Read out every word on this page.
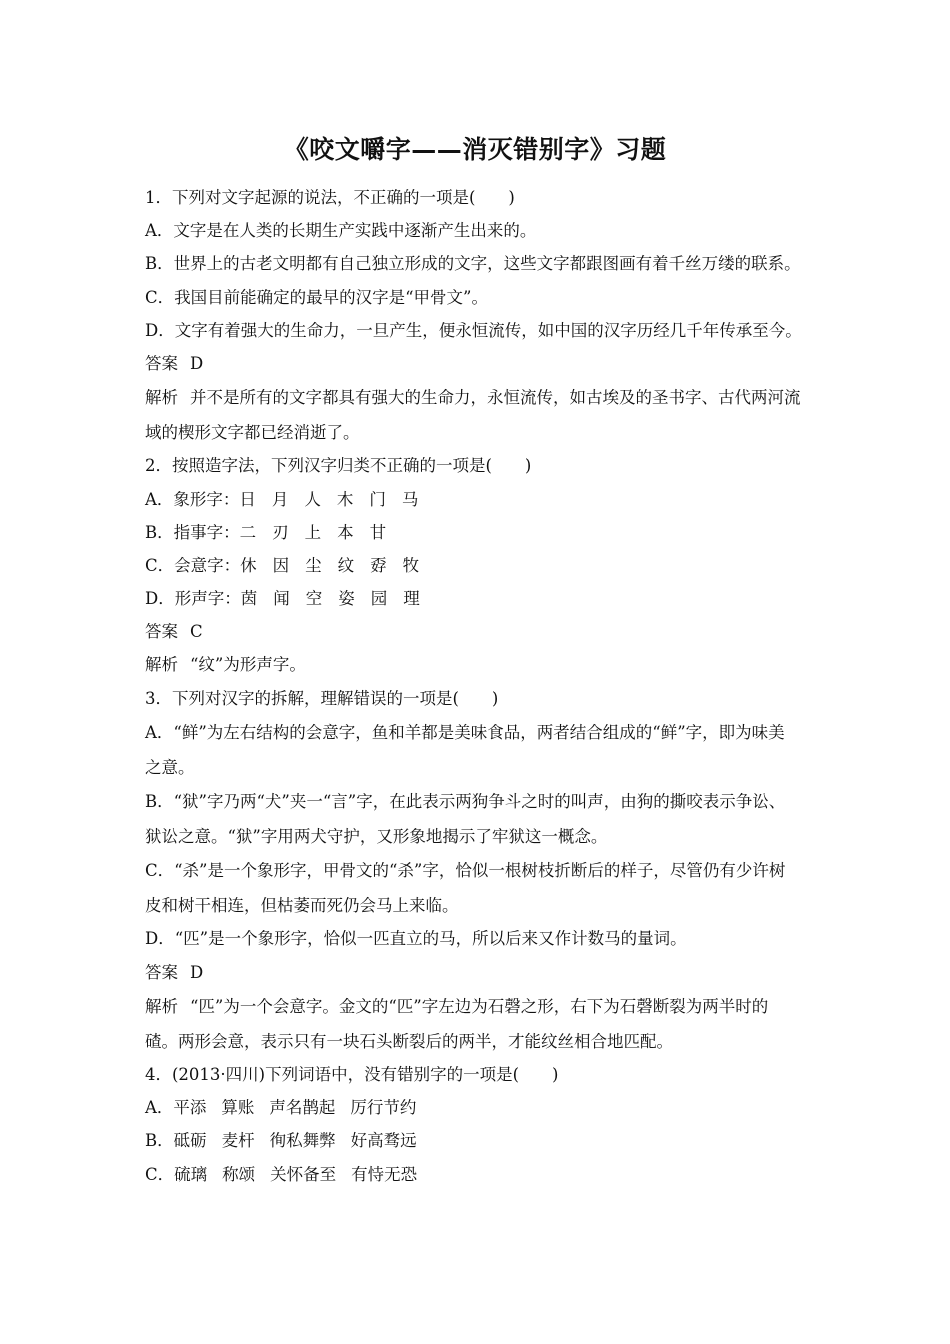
《咬文嚼字——消灭错别字》习题
1．下列对文字起源的说法，不正确的一项是(　　)
A．文字是在人类的长期生产实践中逐渐产生出来的。
B．世界上的古老文明都有自己独立形成的文字，这些文字都跟图画有着千丝万缕的联系。
C．我国目前能确定的最早的汉字是“甲骨文”。
D．文字有着强大的生命力，一旦产生，便永恒流传，如中国的汉字历经几千年传承至今。
答案 D
解析 并不是所有的文字都具有强大的生命力，永恒流传，如古埃及的圣书字、古代两河流
域的楔形文字都已经消逝了。
2．按照造字法，下列汉字归类不正确的一项是(　　)
A．象形字：日 月 人 木 门 马
B．指事字：二 刃 上 本 甘
C．会意字：休 因 尘 纹 孬 牧
D．形声字：茵 闻 空 姿 园 理
答案 C
解析 “纹”为形声字。
3．下列对汉字的拆解，理解错误的一项是(　　)
A．“鲜”为左右结构的会意字，鱼和羊都是美味食品，两者结合组成的“鲜”字，即为味美
之意。
B．“狱”字乃两“犬”夹一“言”字，在此表示两狗争斗之时的叫声，由狗的撕咬表示争讼、
狱讼之意。“狱”字用两犬守护，又形象地揭示了牢狱这一概念。
C．“杀”是一个象形字，甲骨文的“杀”字，恰似一根树枝折断后的样子，尽管仍有少许树
皮和树干相连，但枯萎而死仍会马上来临。
D．“匹”是一个象形字，恰似一匹直立的马，所以后来又作计数马的量词。
答案 D
解析 “匹”为一个会意字。金文的“匹”字左边为石磬之形，右下为石磬断裂为两半时的
碴。两形会意，表示只有一块石头断裂后的两半，才能纹丝相合地匹配。
4．(2013·四川)下列词语中，没有错别字的一项是(　　)
A．平添 算账 声名鹊起 厉行节约
B．砥砺 麦杆 徇私舞弊 好高骛远
C．硫璃 称颂 关怀备至 有恃无恐
